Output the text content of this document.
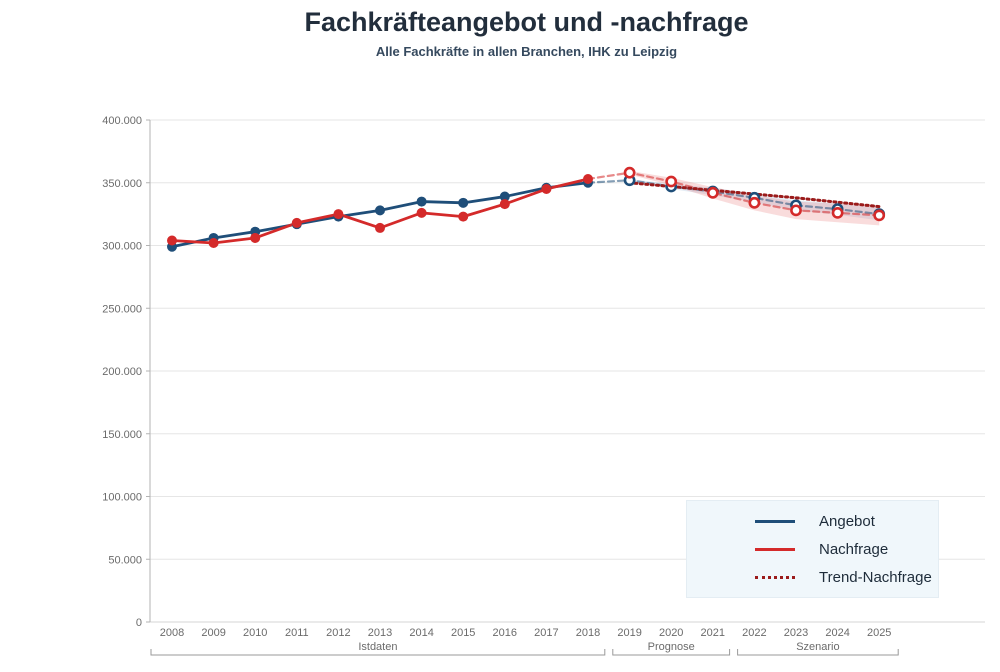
0
50.000
100.000
150.000
200.000
250.000
300.000
350.000
400.000
2008 2009 2010 2011 2012 2013 2014 2015 2016 2017 2018 2019 2020 2021 2022 2023 2024 2025
Istdaten	Prognose	Szenario
Fachkräfteangebot und -nachfrage
Alle Fachkräfte in allen Branchen, IHK zu Leipzig
Angebot
Nachfrage
Trend-Nachfrage
